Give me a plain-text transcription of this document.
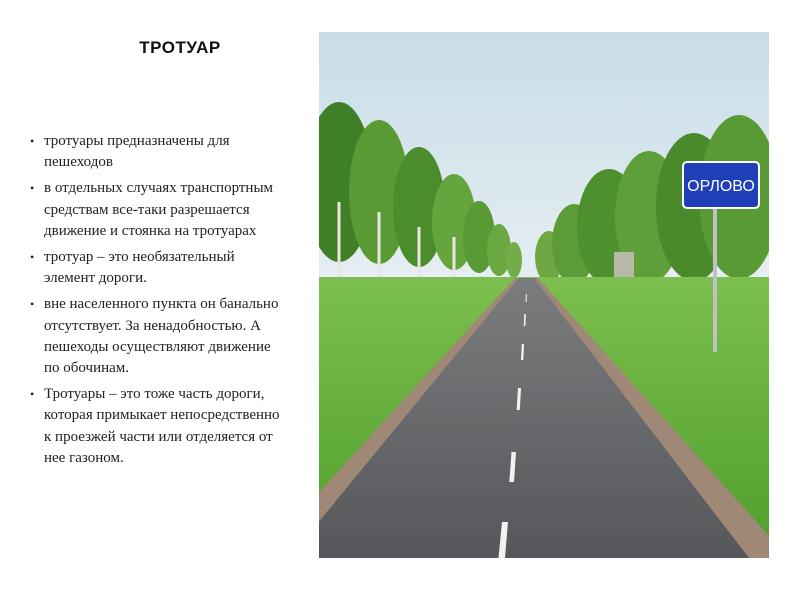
ТРОТУАР
• тротуары предназначены для пешеходов
• в отдельных случаях транспортным средствам все-таки разрешается движение и стоянка на тротуарах
• тротуар – это необязательный элемент дороги.
• вне населенного пункта он банально отсутствует. За ненадобностью. А пешеходы осуществляют движение по обочинам.
• Тротуары – это тоже часть дороги, которая примыкает непосредственно к проезжей части или отделяется от нее газоном.
ОРЛОВО
